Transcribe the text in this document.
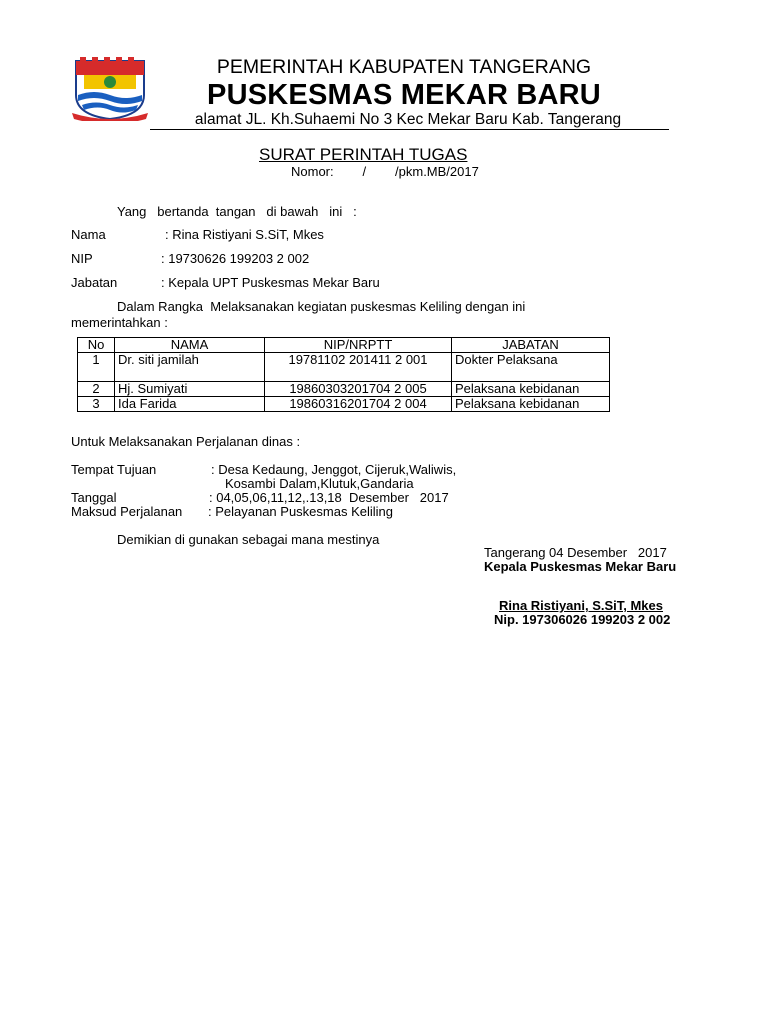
PEMERINTAH KABUPATEN TANGERANG
PUSKESMAS MEKAR BARU
alamat JL. Kh.Suhaemi No 3 Kec Mekar Baru Kab. Tangerang
SURAT PERINTAH TUGAS
Nomor:        /        /pkm.MB/2017
Yang   bertanda  tangan   di bawah   ini   :
Nama	: Rina Ristiyani S.SiT, Mkes
NIP	: 19730626 199203 2 002
Jabatan	: Kepala UPT Puskesmas Mekar Baru
Dalam Rangka  Melaksanakan kegiatan puskesmas Keliling dengan ini
memerintahkan :
No	NAMA	NIP/NRPTT	JABATAN
1	Dr. siti jamilah	19781102 201411 2 001	Dokter Pelaksana
2	Hj. Sumiyati	19860303201704 2 005	Pelaksana kebidanan
3	Ida Farida	19860316201704 2 004	Pelaksana kebidanan
Untuk Melaksanakan Perjalanan dinas :
Tempat Tujuan	: Desa Kedaung, Jenggot, Cijeruk,Waliwis,
Kosambi Dalam,Klutuk,Gandaria
Tanggal	: 04,05,06,11,12,.13,18  Desember   2017
Maksud Perjalanan : Pelayanan Puskesmas Keliling
Demikian di gunakan sebagai mana mestinya
Tangerang 04 Desember   2017
Kepala Puskesmas Mekar Baru
Rina Ristiyani, S.SiT, Mkes
Nip. 197306026 199203 2 002
